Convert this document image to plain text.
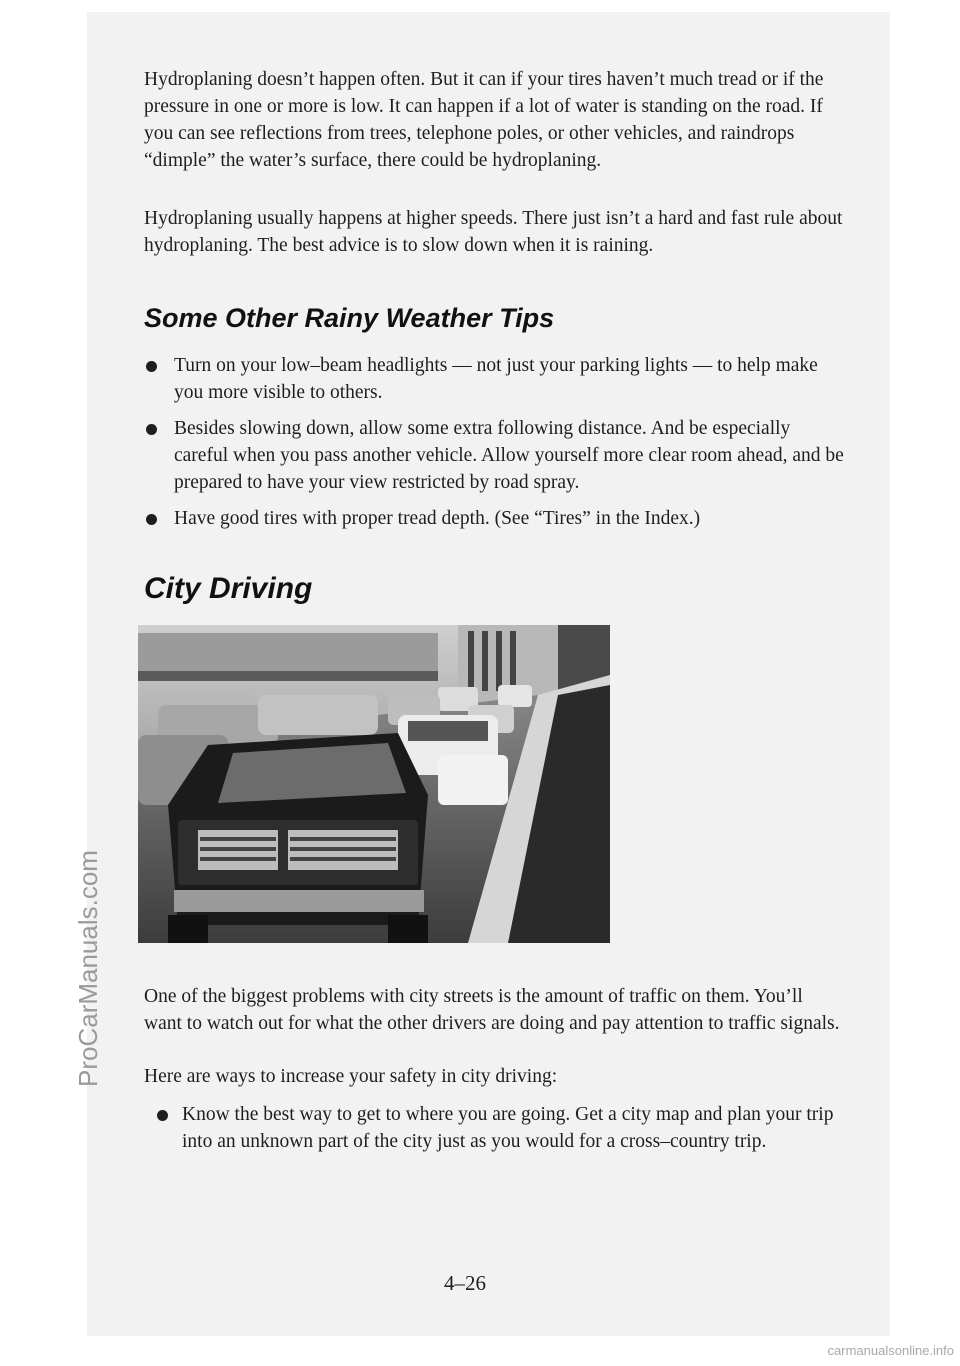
Hydroplaning doesn’t happen often. But it can if your tires haven’t much tread or if the pressure in one or more is low. It can happen if a lot of water is standing on the road. If you can see reflections from trees, telephone poles, or other vehicles, and raindrops “dimple” the water’s surface, there could be hydroplaning.

Hydroplaning usually happens at higher speeds. There just isn’t a hard and fast rule about hydroplaning. The best advice is to slow down when it is raining.

Some Other Rainy Weather Tips
Turn on your low–beam headlights — not just your parking lights — to help make you more visible to others.
Besides slowing down, allow some extra following distance. And be especially careful when you pass another vehicle. Allow yourself more clear room ahead, and be prepared to have your view restricted by road spray.
Have good tires with proper tread depth. (See “Tires” in the Index.)
City Driving

One of the biggest problems with city streets is the amount of traffic on them. You’ll want to watch out for what the other drivers are doing and pay attention to traffic signals.

Here are ways to increase your safety in city driving:

Know the best way to get to where you are going. Get a city map and plan your trip into an unknown part of the city just as you would for a cross–country trip.
4–26
ProCarManuals.com
carmanualsonline.info
